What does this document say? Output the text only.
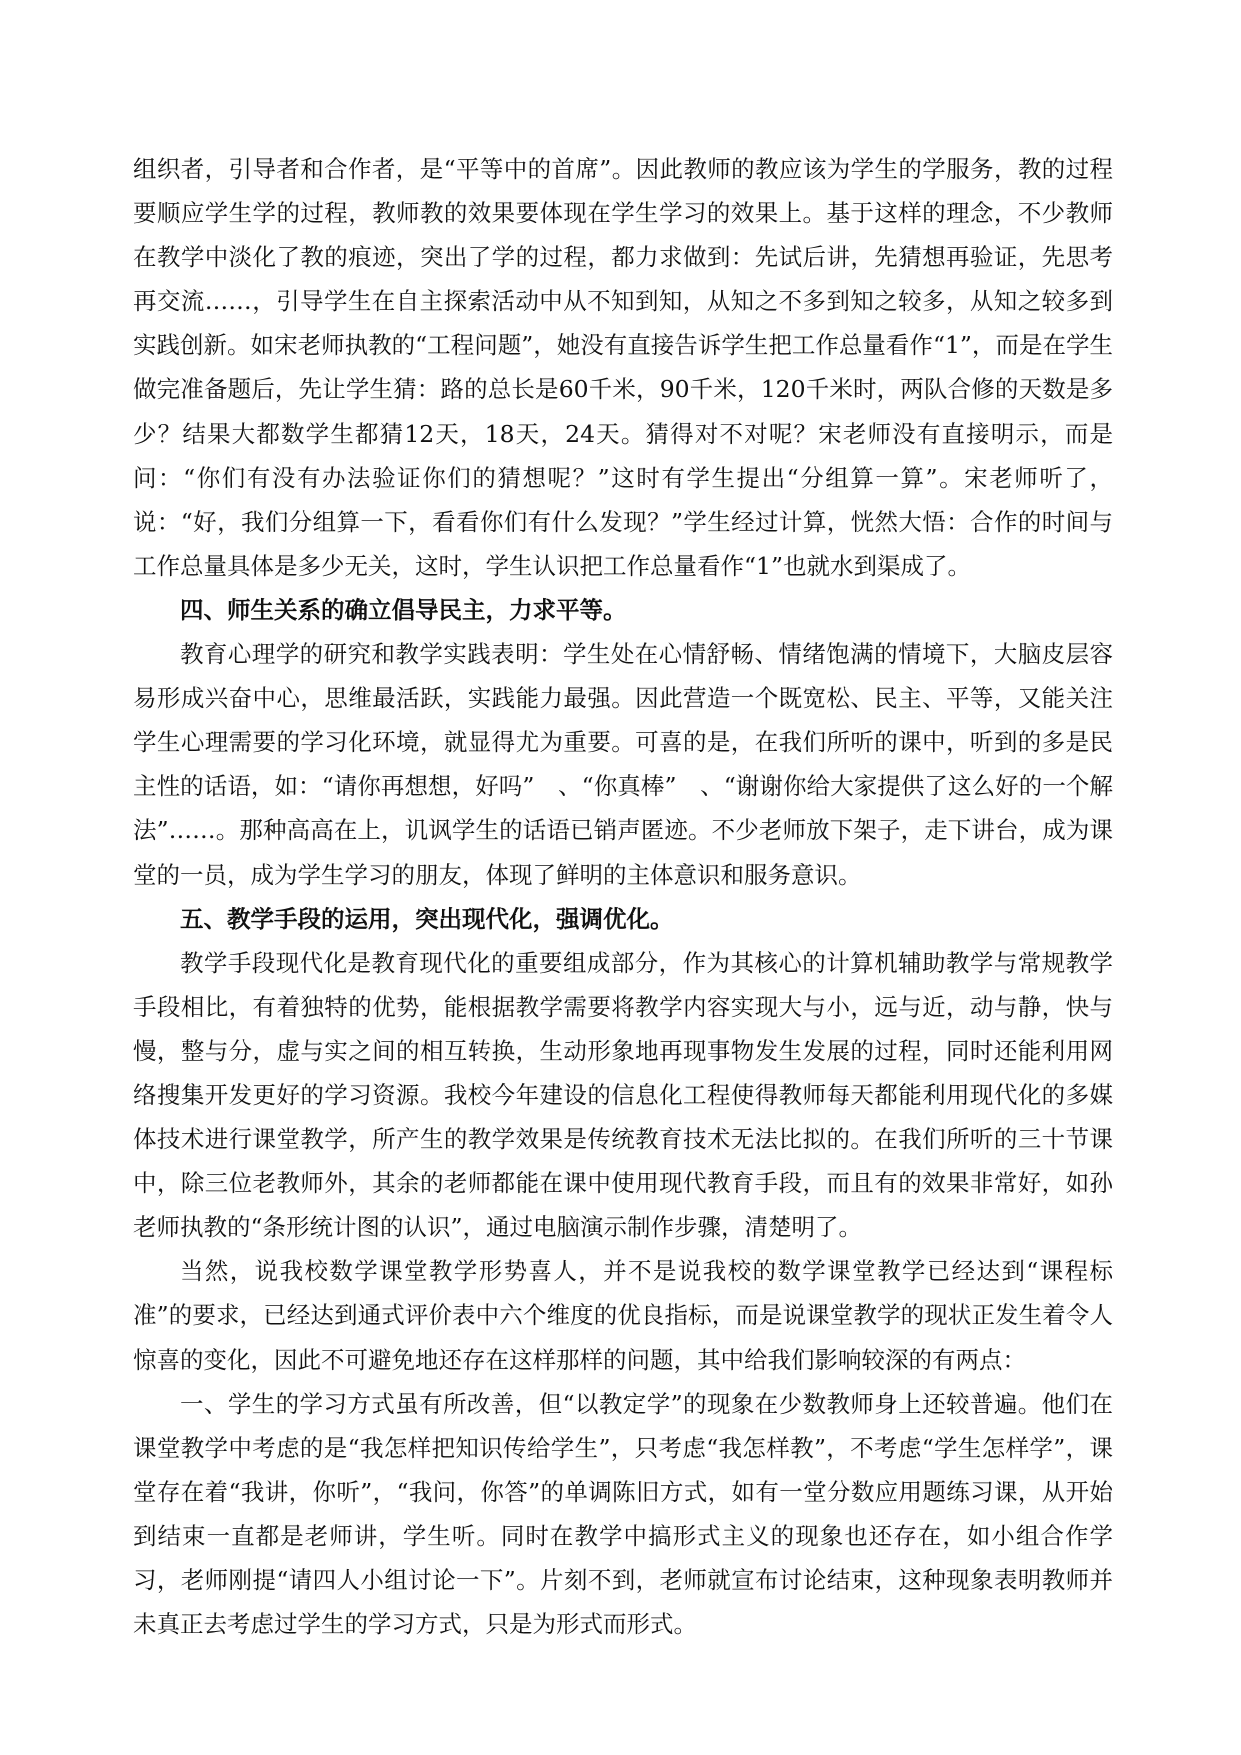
组织者，引导者和合作者，是“平等中的首席”。因此教师的教应该为学生的学服务，教的过程要顺应学生学的过程，教师教的效果要体现在学生学习的效果上。基于这样的理念，不少教师在教学中淡化了教的痕迹，突出了学的过程，都力求做到：先试后讲，先猜想再验证，先思考再交流……，引导学生在自主探索活动中从不知到知，从知之不多到知之较多，从知之较多到实践创新。如宋老师执教的“工程问题”，她没有直接告诉学生把工作总量看作“1”，而是在学生做完准备题后，先让学生猜：路的总长是60千米，90千米，120千米时，两队合修的天数是多少？结果大都数学生都猜12天，18天，24天。猜得对不对呢？宋老师没有直接明示，而是问：“你们有没有办法验证你们的猜想呢？”这时有学生提出“分组算一算”。宋老师听了，说：“好，我们分组算一下，看看你们有什么发现？”学生经过计算，恍然大悟：合作的时间与工作总量具体是多少无关，这时，学生认识把工作总量看作“1”也就水到渠成了。

四、师生关系的确立倡导民主，力求平等。

教育心理学的研究和教学实践表明：学生处在心情舒畅、情绪饱满的情境下，大脑皮层容易形成兴奋中心，思维最活跃，实践能力最强。因此营造一个既宽松、民主、平等，又能关注学生心理需要的学习化环境，就显得尤为重要。可喜的是，在我们所听的课中，听到的多是民主性的话语，如：“请你再想想，好吗”　、“你真棒”　、“谢谢你给大家提供了这么好的一个解法”……。那种高高在上，讥讽学生的话语已销声匿迹。不少老师放下架子，走下讲台，成为课堂的一员，成为学生学习的朋友，体现了鲜明的主体意识和服务意识。

五、教学手段的运用，突出现代化，强调优化。

教学手段现代化是教育现代化的重要组成部分，作为其核心的计算机辅助教学与常规教学手段相比，有着独特的优势，能根据教学需要将教学内容实现大与小，远与近，动与静，快与慢，整与分，虚与实之间的相互转换，生动形象地再现事物发生发展的过程，同时还能利用网络搜集开发更好的学习资源。我校今年建设的信息化工程使得教师每天都能利用现代化的多媒体技术进行课堂教学，所产生的教学效果是传统教育技术无法比拟的。在我们所听的三十节课中，除三位老教师外，其余的老师都能在课中使用现代教育手段，而且有的效果非常好，如孙老师执教的“条形统计图的认识”，通过电脑演示制作步骤，清楚明了。

当然，说我校数学课堂教学形势喜人，并不是说我校的数学课堂教学已经达到“课程标准”的要求，已经达到通式评价表中六个维度的优良指标，而是说课堂教学的现状正发生着令人惊喜的变化，因此不可避免地还存在这样那样的问题，其中给我们影响较深的有两点：

一、学生的学习方式虽有所改善，但“以教定学”的现象在少数教师身上还较普遍。他们在课堂教学中考虑的是“我怎样把知识传给学生”，只考虑“我怎样教”，不考虑“学生怎样学”，课堂存在着“我讲，你听”，“我问，你答”的单调陈旧方式，如有一堂分数应用题练习课，从开始到结束一直都是老师讲，学生听。同时在教学中搞形式主义的现象也还存在，如小组合作学习，老师刚提“请四人小组讨论一下”。片刻不到，老师就宣布讨论结束，这种现象表明教师并未真正去考虑过学生的学习方式，只是为形式而形式。
